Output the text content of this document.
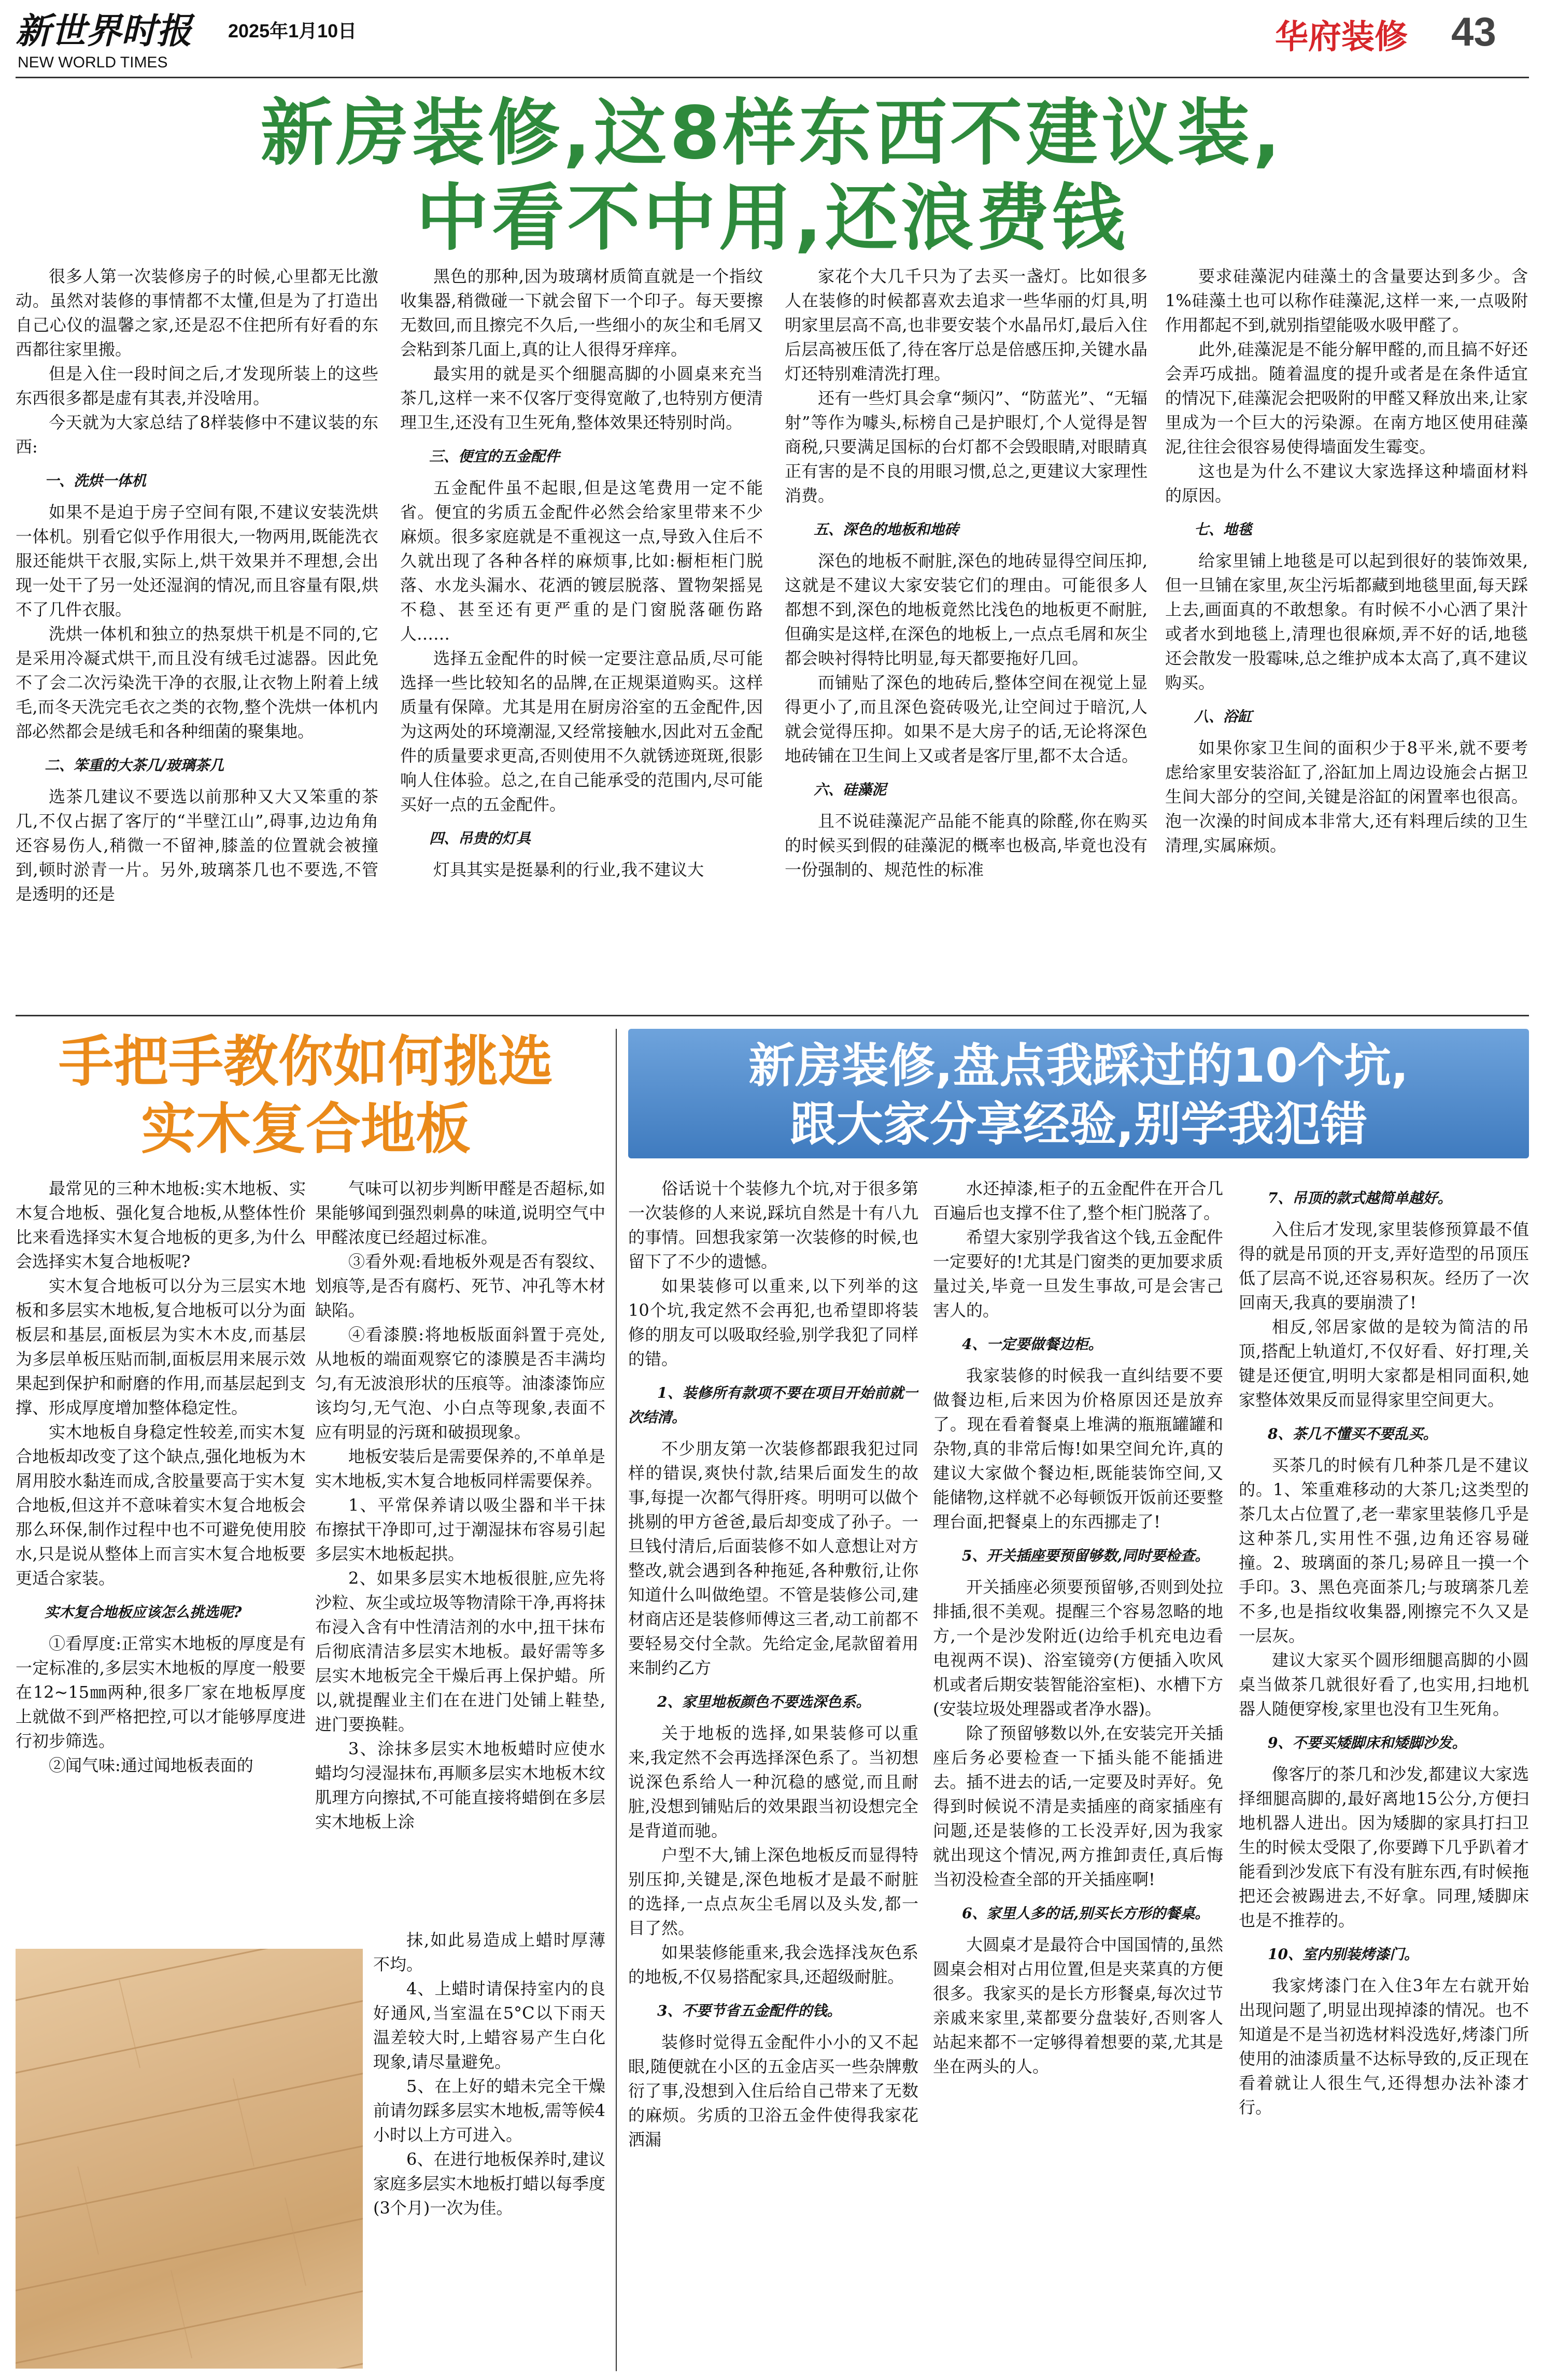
新世界时报 2025年1月10日
NEW WORLD TIMES
华府装修 43
新房装修,这8样东西不建议装,
中看不中用,还浪费钱

很多人第一次装修房子的时候,心里都无比激动。虽然对装修的事情都不太懂,但是为了打造出自己心仪的温馨之家,还是忍不住把所有好看的东西都往家里搬。

但是入住一段时间之后,才发现所装上的这些东西很多都是虚有其表,并没啥用。

今天就为大家总结了8样装修中不建议装的东西:

一、洗烘一体机

如果不是迫于房子空间有限,不建议安装洗烘一体机。别看它似乎作用很大,一物两用,既能洗衣服还能烘干衣服,实际上,烘干效果并不理想,会出现一处干了另一处还湿润的情况,而且容量有限,烘不了几件衣服。

洗烘一体机和独立的热泵烘干机是不同的,它是采用冷凝式烘干,而且没有绒毛过滤器。因此免不了会二次污染洗干净的衣服,让衣物上附着上绒毛,而冬天洗完毛衣之类的衣物,整个洗烘一体机内部必然都会是绒毛和各种细菌的聚集地。

二、笨重的大茶几/玻璃茶几

选茶几建议不要选以前那种又大又笨重的茶几,不仅占据了客厅的“半壁江山”,碍事,边边角角还容易伤人,稍微一不留神,膝盖的位置就会被撞到,顿时淤青一片。另外,玻璃茶几也不要选,不管是透明的还是

黑色的那种,因为玻璃材质简直就是一个指纹收集器,稍微碰一下就会留下一个印子。每天要擦无数回,而且擦完不久后,一些细小的灰尘和毛屑又会粘到茶几面上,真的让人很得牙痒痒。

最实用的就是买个细腿高脚的小圆桌来充当茶几,这样一来不仅客厅变得宽敞了,也特别方便清理卫生,还没有卫生死角,整体效果还特别时尚。

三、便宜的五金配件

五金配件虽不起眼,但是这笔费用一定不能省。便宜的劣质五金配件必然会给家里带来不少麻烦。很多家庭就是不重视这一点,导致入住后不久就出现了各种各样的麻烦事,比如:橱柜柜门脱落、水龙头漏水、花洒的镀层脱落、置物架摇晃不稳、甚至还有更严重的是门窗脱落砸伤路人……

选择五金配件的时候一定要注意品质,尽可能选择一些比较知名的品牌,在正规渠道购买。这样质量有保障。尤其是用在厨房浴室的五金配件,因为这两处的环境潮湿,又经常接触水,因此对五金配件的质量要求更高,否则使用不久就锈迹斑斑,很影响人住体验。总之,在自己能承受的范围内,尽可能买好一点的五金配件。

四、吊贵的灯具

灯具其实是挺暴利的行业,我不建议大

家花个大几千只为了去买一盏灯。比如很多人在装修的时候都喜欢去追求一些华丽的灯具,明明家里层高不高,也非要安装个水晶吊灯,最后入住后层高被压低了,待在客厅总是倍感压抑,关键水晶灯还特别难清洗打理。

还有一些灯具会拿“频闪”、“防蓝光”、“无辐射”等作为噱头,标榜自己是护眼灯,个人觉得是智商税,只要满足国标的台灯都不会毁眼睛,对眼睛真正有害的是不良的用眼习惯,总之,更建议大家理性消费。

五、深色的地板和地砖

深色的地板不耐脏,深色的地砖显得空间压抑,这就是不建议大家安装它们的理由。可能很多人都想不到,深色的地板竟然比浅色的地板更不耐脏,但确实是这样,在深色的地板上,一点点毛屑和灰尘都会映衬得特比明显,每天都要拖好几回。

而铺贴了深色的地砖后,整体空间在视觉上显得更小了,而且深色瓷砖吸光,让空间过于暗沉,人就会觉得压抑。如果不是大房子的话,无论将深色地砖铺在卫生间上又或者是客厅里,都不太合适。

六、硅藻泥

且不说硅藻泥产品能不能真的除醛,你在购买的时候买到假的硅藻泥的概率也极高,毕竟也没有一份强制的、规范性的标准

要求硅藻泥内硅藻土的含量要达到多少。含1%硅藻土也可以称作硅藻泥,这样一来,一点吸附作用都起不到,就别指望能吸水吸甲醛了。

此外,硅藻泥是不能分解甲醛的,而且搞不好还会弄巧成拙。随着温度的提升或者是在条件适宜的情况下,硅藻泥会把吸附的甲醛又释放出来,让家里成为一个巨大的污染源。在南方地区使用硅藻泥,往往会很容易使得墙面发生霉变。

这也是为什么不建议大家选择这种墙面材料的原因。

七、地毯

给家里铺上地毯是可以起到很好的装饰效果,但一旦铺在家里,灰尘污垢都藏到地毯里面,每天踩上去,画面真的不敢想象。有时候不小心洒了果汁或者水到地毯上,清理也很麻烦,弄不好的话,地毯还会散发一股霉味,总之维护成本太高了,真不建议购买。

八、浴缸

如果你家卫生间的面积少于8平米,就不要考虑给家里安装浴缸了,浴缸加上周边设施会占据卫生间大部分的空间,关键是浴缸的闲置率也很高。泡一次澡的时间成本非常大,还有料理后续的卫生清理,实属麻烦。

手把手教你如何挑选
实木复合地板

最常见的三种木地板:实木地板、实木复合地板、强化复合地板,从整体性价比来看选择实木复合地板的更多,为什么会选择实木复合地板呢?

实木复合地板可以分为三层实木地板和多层实木地板,复合地板可以分为面板层和基层,面板层为实木木皮,而基层为多层单板压贴而制,面板层用来展示效果起到保护和耐磨的作用,而基层起到支撑、形成厚度增加整体稳定性。

实木地板自身稳定性较差,而实木复合地板却改变了这个缺点,强化地板为木屑用胶水黏连而成,含胶量要高于实木复合地板,但这并不意味着实木复合地板会那么环保,制作过程中也不可避免使用胶水,只是说从整体上而言实木复合地板要更适合家装。

实木复合地板应该怎么挑选呢?

①看厚度:正常实木地板的厚度是有一定标准的,多层实木地板的厚度一般要在12~15㎜两种,很多厂家在地板厚度上就做不到严格把控,可以才能够厚度进行初步筛选。

②闻气味:通过闻地板表面的

气味可以初步判断甲醛是否超标,如果能够闻到强烈刺鼻的味道,说明空气中甲醛浓度已经超过标准。

③看外观:看地板外观是否有裂纹、划痕等,是否有腐朽、死节、冲孔等木材缺陷。

④看漆膜:将地板版面斜置于亮处,从地板的端面观察它的漆膜是否丰满均匀,有无波浪形状的压痕等。油漆漆饰应该均匀,无气泡、小白点等现象,表面不应有明显的污斑和破损现象。

地板安装后是需要保养的,不单单是实木地板,实木复合地板同样需要保养。

1、平常保养请以吸尘器和半干抹布擦拭干净即可,过于潮湿抹布容易引起多层实木地板起拱。

2、如果多层实木地板很脏,应先将沙粒、灰尘或垃圾等物清除干净,再将抹布浸入含有中性清洁剂的水中,扭干抹布后彻底清洁多层实木地板。最好需等多层实木地板完全干燥后再上保护蜡。所以,就提醒业主们在在进门处铺上鞋垫,进门要换鞋。

3、涂抹多层实木地板蜡时应使水蜡均匀浸湿抹布,再顺多层实木地板木纹肌理方向擦拭,不可能直接将蜡倒在多层实木地板上涂

抹,如此易造成上蜡时厚薄不均。

4、上蜡时请保持室内的良好通风,当室温在5°C以下雨天温差较大时,上蜡容易产生白化现象,请尽量避免。

5、在上好的蜡未完全干燥前请勿踩多层实木地板,需等候4小时以上方可进入。

6、在进行地板保养时,建议家庭多层实木地板打蜡以每季度(3个月)一次为佳。

新房装修,盘点我踩过的10个坑,
跟大家分享经验,别学我犯错

俗话说十个装修九个坑,对于很多第一次装修的人来说,踩坑自然是十有八九的事情。回想我家第一次装修的时候,也留下了不少的遗憾。

如果装修可以重来,以下列举的这10个坑,我定然不会再犯,也希望即将装修的朋友可以吸取经验,别学我犯了同样的错。

1、装修所有款项不要在项目开始前就一次结清。

不少朋友第一次装修都跟我犯过同样的错误,爽快付款,结果后面发生的故事,每提一次都气得肝疼。明明可以做个挑剔的甲方爸爸,最后却变成了孙子。一旦钱付清后,后面装修不如人意想让对方整改,就会遇到各种拖延,各种敷衍,让你知道什么叫做绝望。不管是装修公司,建材商店还是装修师傅这三者,动工前都不要轻易交付全款。先给定金,尾款留着用来制约乙方

2、家里地板颜色不要选深色系。

关于地板的选择,如果装修可以重来,我定然不会再选择深色系了。当初想说深色系给人一种沉稳的感觉,而且耐脏,没想到铺贴后的效果跟当初设想完全是背道而驰。

户型不大,铺上深色地板反而显得特别压抑,关键是,深色地板才是最不耐脏的选择,一点点灰尘毛屑以及头发,都一目了然。

如果装修能重来,我会选择浅灰色系的地板,不仅易搭配家具,还超级耐脏。

3、不要节省五金配件的钱。

装修时觉得五金配件小小的又不起眼,随便就在小区的五金店买一些杂牌敷衍了事,没想到入住后给自己带来了无数的麻烦。劣质的卫浴五金件使得我家花洒漏

水还掉漆,柜子的五金配件在开合几百遍后也支撑不住了,整个柜门脱落了。

希望大家别学我省这个钱,五金配件一定要好的!尤其是门窗类的更加要求质量过关,毕竟一旦发生事故,可是会害己害人的。

4、一定要做餐边柜。

我家装修的时候我一直纠结要不要做餐边柜,后来因为价格原因还是放弃了。现在看着餐桌上堆满的瓶瓶罐罐和杂物,真的非常后悔!如果空间允许,真的建议大家做个餐边柜,既能装饰空间,又能储物,这样就不必每顿饭开饭前还要整理台面,把餐桌上的东西挪走了!

5、开关插座要预留够数,同时要检查。

开关插座必须要预留够,否则到处拉排插,很不美观。提醒三个容易忽略的地方,一个是沙发附近(边给手机充电边看电视两不误)、浴室镜旁(方便插入吹风机或者后期安装智能浴室柜)、水槽下方(安装垃圾处理器或者净水器)。

除了预留够数以外,在安装完开关插座后务必要检查一下插头能不能插进去。插不进去的话,一定要及时弄好。免得到时候说不清是卖插座的商家插座有问题,还是装修的工长没弄好,因为我家就出现这个情况,两方推卸责任,真后悔当初没检查全部的开关插座啊!

6、家里人多的话,别买长方形的餐桌。

大圆桌才是最符合中国国情的,虽然圆桌会相对占用位置,但是夹菜真的方便很多。我家买的是长方形餐桌,每次过节亲戚来家里,菜都要分盘装好,否则客人站起来都不一定够得着想要的菜,尤其是坐在两头的人。

7、吊顶的款式越简单越好。

入住后才发现,家里装修预算最不值得的就是吊顶的开支,弄好造型的吊顶压低了层高不说,还容易积灰。经历了一次回南天,我真的要崩溃了!

相反,邻居家做的是较为简洁的吊顶,搭配上轨道灯,不仅好看、好打理,关键是还便宜,明明大家都是相同面积,她家整体效果反而显得家里空间更大。

8、茶几不懂买不要乱买。

买茶几的时候有几种茶几是不建议的。1、笨重难移动的大茶几;这类型的茶几太占位置了,老一辈家里装修几乎是这种茶几,实用性不强,边角还容易碰撞。2、玻璃面的茶几;易碎且一摸一个手印。3、黑色亮面茶几;与玻璃茶几差不多,也是指纹收集器,刚擦完不久又是一层灰。

建议大家买个圆形细腿高脚的小圆桌当做茶几就很好看了,也实用,扫地机器人随便穿梭,家里也没有卫生死角。

9、不要买矮脚床和矮脚沙发。

像客厅的茶几和沙发,都建议大家选择细腿高脚的,最好离地15公分,方便扫地机器人进出。因为矮脚的家具打扫卫生的时候太受限了,你要蹲下几乎趴着才能看到沙发底下有没有脏东西,有时候拖把还会被踢进去,不好拿。同理,矮脚床也是不推荐的。

10、室内别装烤漆门。

我家烤漆门在入住3年左右就开始出现问题了,明显出现掉漆的情况。也不知道是不是当初选材料没选好,烤漆门所使用的油漆质量不达标导致的,反正现在看着就让人很生气,还得想办法补漆才行。
